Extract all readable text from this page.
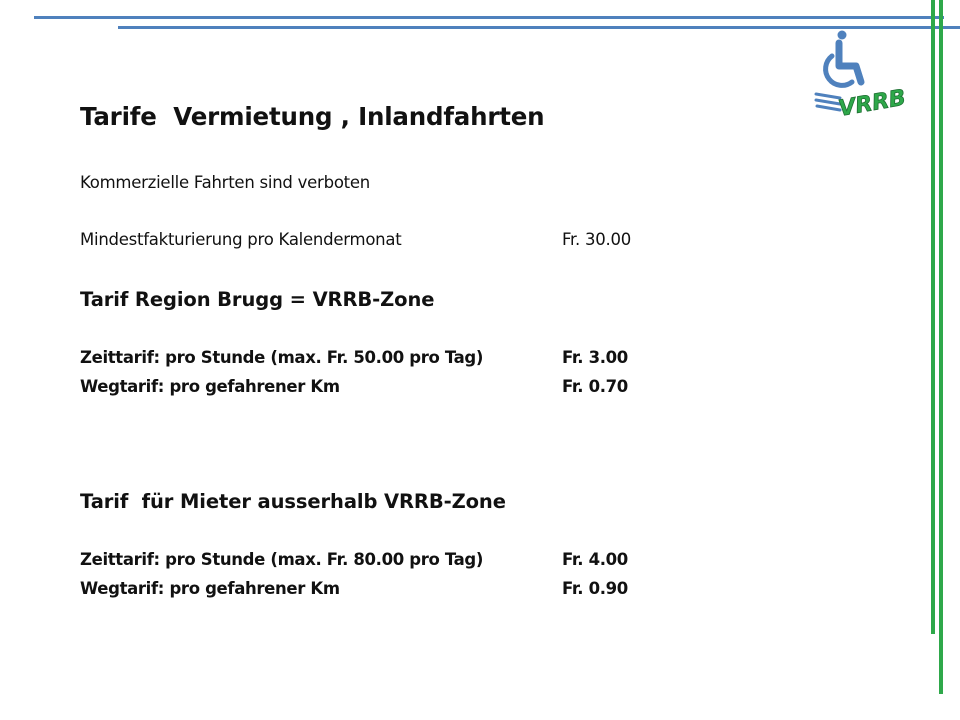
VRRB
Tarife  Vermietung , Inlandfahrten
Kommerzielle Fahrten sind verboten
Mindestfakturierung pro Kalendermonat	Fr. 30.00
Tarif Region Brugg = VRRB-Zone
Zeittarif: pro Stunde (max. Fr. 50.00 pro Tag)	Fr. 3.00
Wegtarif: pro gefahrener Km	Fr. 0.70
Tarif  für Mieter ausserhalb VRRB-Zone
Zeittarif: pro Stunde (max. Fr. 80.00 pro Tag)	Fr. 4.00
Wegtarif: pro gefahrener Km	Fr. 0.90
